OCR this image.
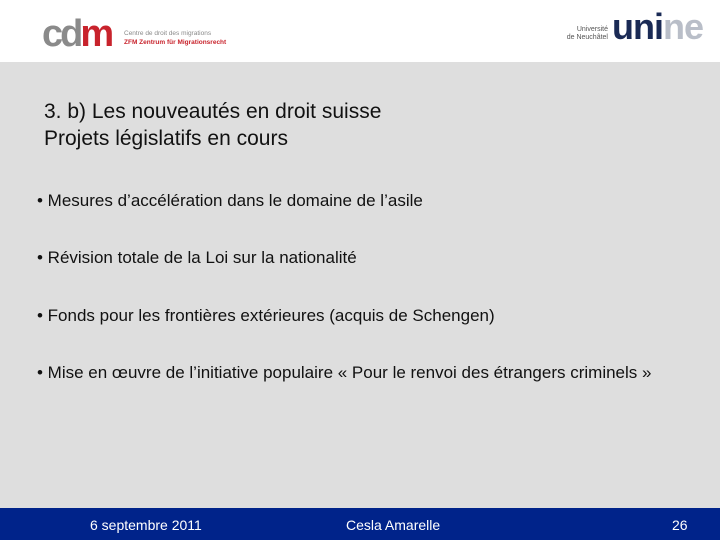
cdm Centre de droit des migrations
ZFM Zentrum für Migrationsrecht
Université
de Neuchâtel unine
3. b) Les nouveautés en droit suisse
Projets législatifs en cours
• Mesures d’accélération dans le domaine de l’asile
• Révision totale de la Loi sur la nationalité
• Fonds pour les frontières extérieures (acquis de Schengen)
• Mise en œuvre de l’initiative populaire « Pour le renvoi des étrangers criminels »
6 septembre 2011	Cesla Amarelle	26
